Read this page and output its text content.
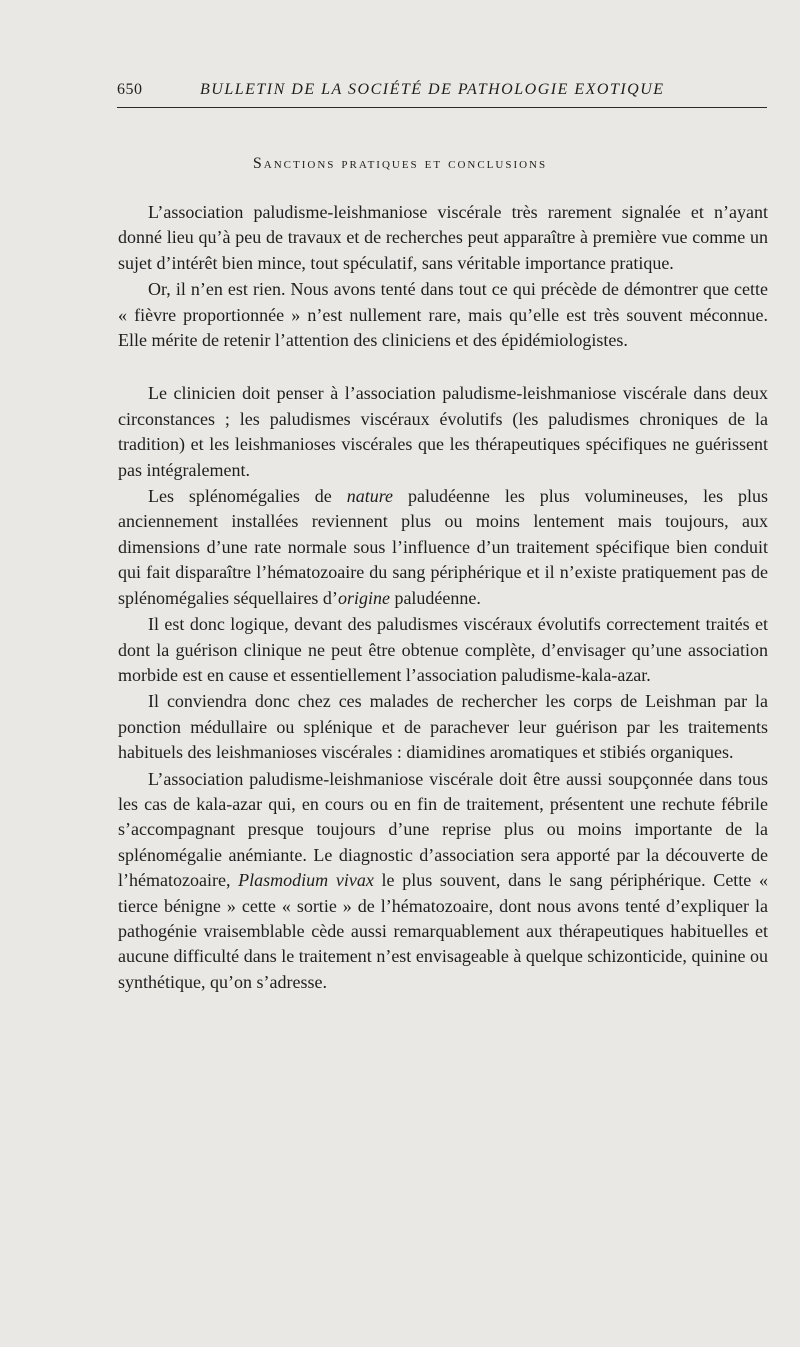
650	BULLETIN DE LA SOCIÉTÉ DE PATHOLOGIE EXOTIQUE
Sanctions pratiques et conclusions

L’association paludisme-leishmaniose viscérale très rarement signalée et n’ayant donné lieu qu’à peu de travaux et de recherches peut apparaître à première vue comme un sujet d’intérêt bien mince, tout spéculatif, sans véritable importance pratique.

Or, il n’en est rien. Nous avons tenté dans tout ce qui précède de démontrer que cette « fièvre proportionnée » n’est nullement rare, mais qu’elle est très souvent méconnue. Elle mérite de retenir l’attention des cliniciens et des épidémiologistes.

Le clinicien doit penser à l’association paludisme-leishmaniose viscérale dans deux circonstances ; les paludismes viscéraux évolutifs (les paludismes chroniques de la tradition) et les leishmanioses viscérales que les thérapeutiques spécifiques ne guérissent pas intégralement.

Les splénomégalies de nature paludéenne les plus volumineuses, les plus anciennement installées reviennent plus ou moins lentement mais toujours, aux dimensions d’une rate normale sous l’influence d’un traitement spécifique bien conduit qui fait disparaître l’hématozoaire du sang périphérique et il n’existe pratiquement pas de splénomégalies séquellaires d’origine paludéenne.

Il est donc logique, devant des paludismes viscéraux évolutifs correctement traités et dont la guérison clinique ne peut être obtenue complète, d’envisager qu’une association morbide est en cause et essentiellement l’association paludisme-kala-azar.

Il conviendra donc chez ces malades de rechercher les corps de Leishman par la ponction médullaire ou splénique et de parachever leur guérison par les traitements habituels des leishmanioses viscérales : diamidines aromatiques et stibiés organiques.

L’association paludisme-leishmaniose viscérale doit être aussi soupçonnée dans tous les cas de kala-azar qui, en cours ou en fin de traitement, présentent une rechute fébrile s’accompagnant presque toujours d’une reprise plus ou moins importante de la splénomégalie anémiante. Le diagnostic d’association sera apporté par la découverte de l’hématozoaire, Plasmodium vivax le plus souvent, dans le sang périphérique. Cette « tierce bénigne » cette « sortie » de l’hématozoaire, dont nous avons tenté d’expliquer la pathogénie vraisemblable cède aussi remarquablement aux thérapeutiques habituelles et aucune difficulté dans le traitement n’est envisageable à quelque schizonticide, quinine ou synthétique, qu’on s’adresse.
